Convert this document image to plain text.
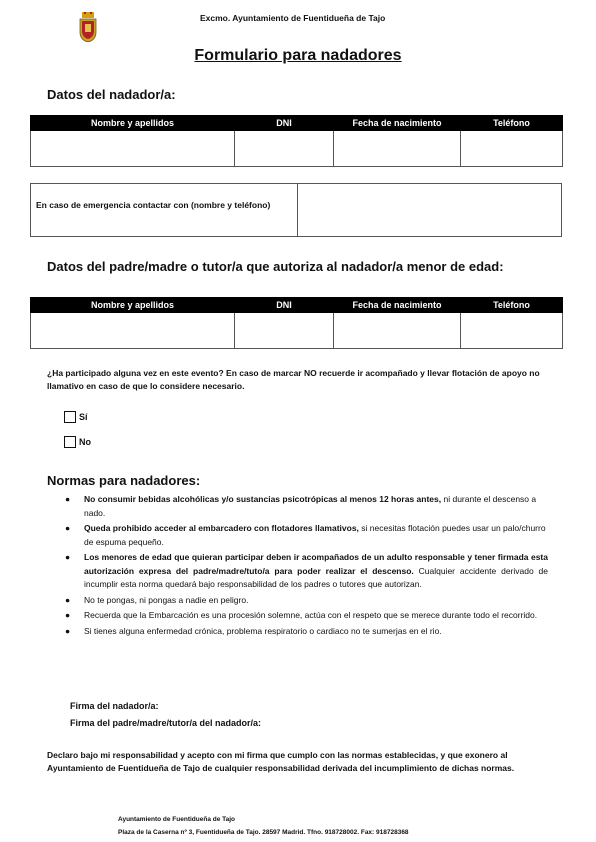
Excmo. Ayuntamiento de Fuentidueña de Tajo
Formulario para nadadores
Datos del nadador/a:
Nombre y apellidos	DNI	Fecha de nacimiento	Teléfono

En caso de emergencia contactar con (nombre y teléfono)
Datos del padre/madre o tutor/a que autoriza al nadador/a menor de edad:
Nombre y apellidos	DNI	Fecha de nacimiento	Teléfono

¿Ha participado alguna vez en este evento? En caso de marcar NO recuerde ir acompañado y llevar flotación de apoyo no llamativo en caso de que lo considere necesario.
Sí
No
Normas para nadadores:
● No consumir bebidas alcohólicas y/o sustancias psicotrópicas al menos 12 horas antes, ni durante el descenso a nado.
● Queda prohibido acceder al embarcadero con flotadores llamativos, si necesitas flotación puedes usar un palo/churro de espuma pequeño.
● Los menores de edad que quieran participar deben ir acompañados de un adulto responsable y tener firmada esta autorización expresa del padre/madre/tuto/a para poder realizar el descenso. Cualquier accidente derivado de incumplir esta norma quedará bajo responsabilidad de los padres o tutores que autorizan.
● No te pongas, ni pongas a nadie en peligro.
● Recuerda que la Embarcación es una procesión solemne, actúa con el respeto que se merece durante todo el recorrido.
● Si tienes alguna enfermedad crónica, problema respiratorio o cardiaco no te sumerjas en el rio.
Firma del nadador/a:
Firma del padre/madre/tutor/a del nadador/a:
Declaro bajo mi responsabilidad y acepto con mi firma que cumplo con las normas establecidas, y que exonero al Ayuntamiento de Fuentidueña de Tajo de cualquier responsabilidad derivada del incumplimiento de dichas normas.
Ayuntamiento de Fuentidueña de Tajo
Plaza de la Caserna nº 3, Fuentidueña de Tajo. 28597 Madrid. Tfno. 918728002. Fax: 918728368
